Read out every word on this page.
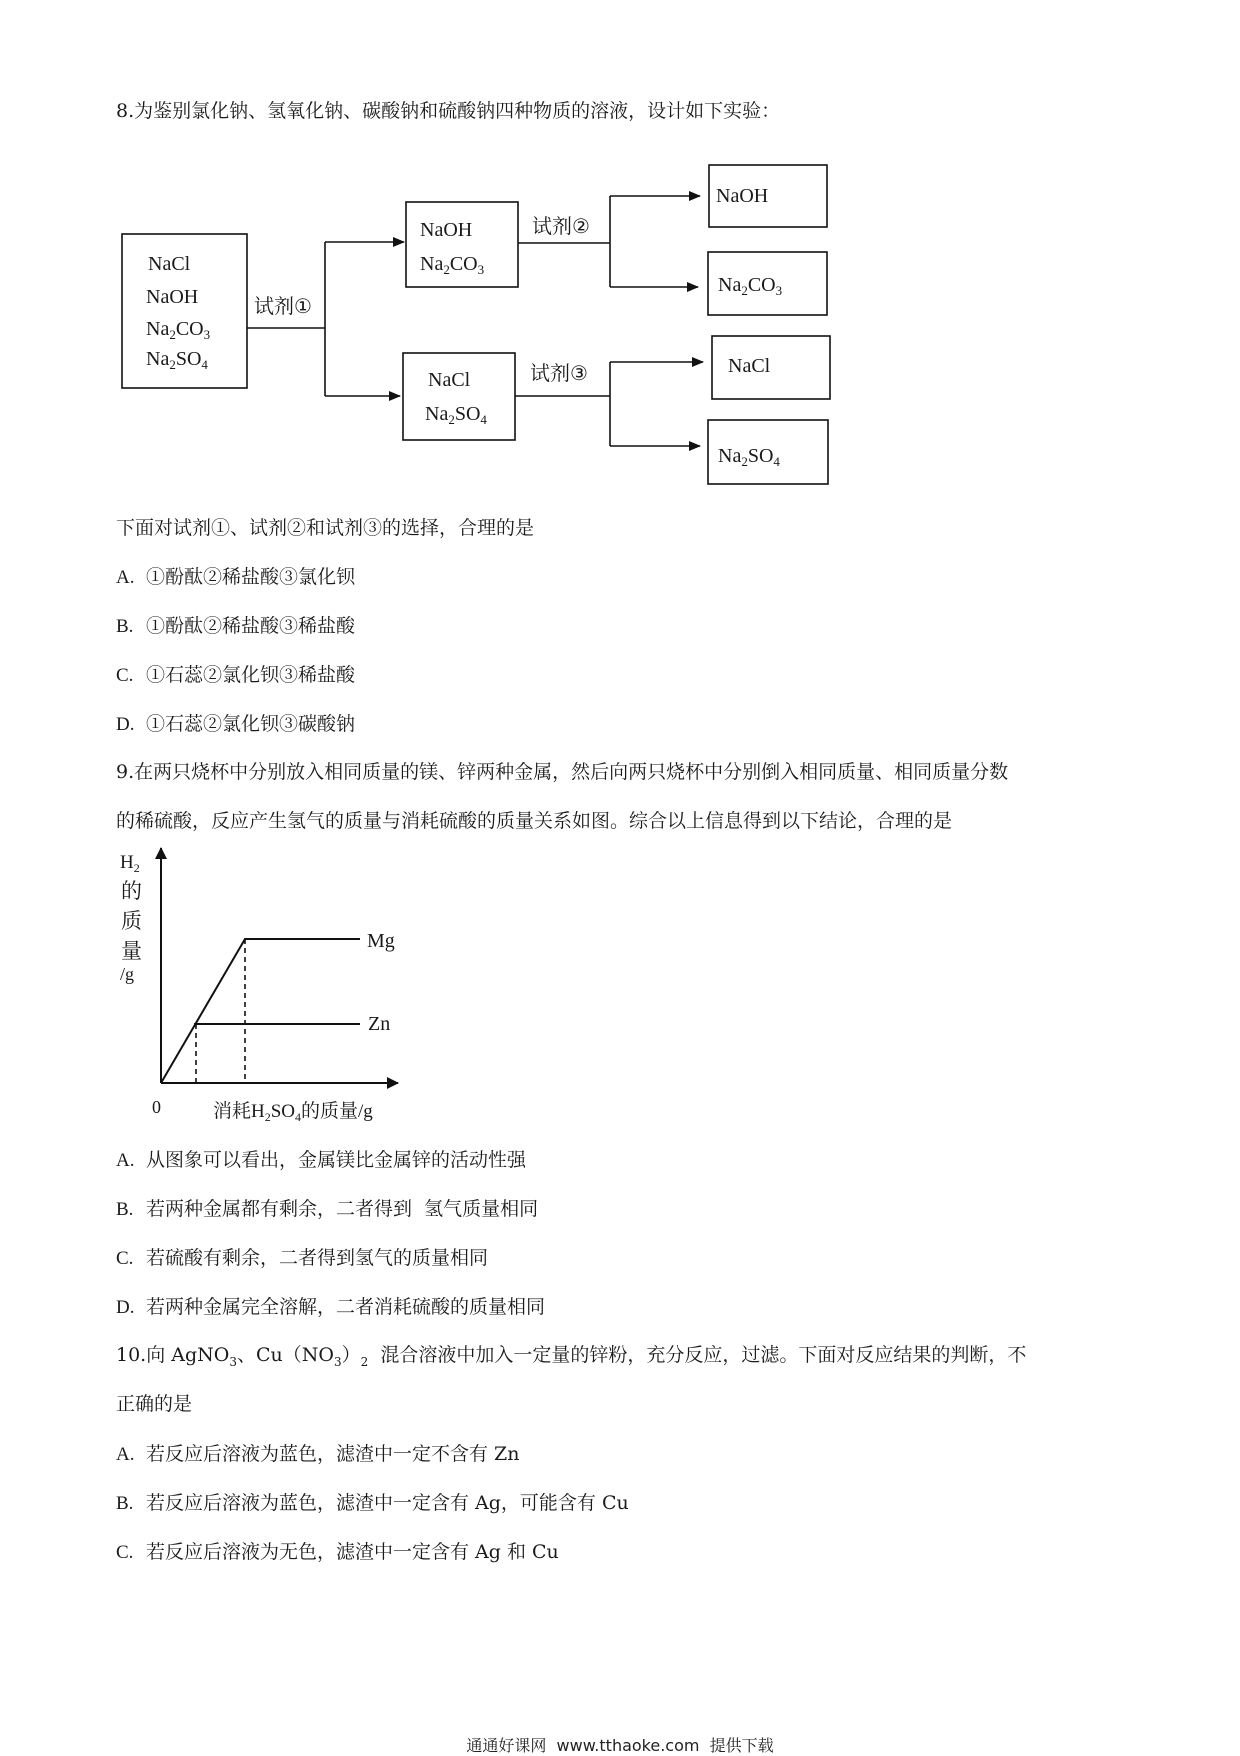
8.为鉴别氯化钠、氢氧化钠、碳酸钠和硫酸钠四种物质的溶液，设计如下实验：
NaCl
NaOH
$Na_2CO_3$
$Na_2SO_4$
试剂①
NaOH
$Na_2CO_3$
NaCl
$Na_2SO_4$
试剂②
试剂③
NaOH
$Na_2CO_3$
NaCl
$Na_2SO_4$
下面对试剂①、试剂②和试剂③的选择，合理的是
A. ①酚酞②稀盐酸③氯化钡
B. ①酚酞②稀盐酸③稀盐酸
C. ①石蕊②氯化钡③稀盐酸
D. ①石蕊②氯化钡③碳酸钠
9.在两只烧杯中分别放入相同质量的镁、锌两种金属，然后向两只烧杯中分别倒入相同质量、相同质量分数
的稀硫酸，反应产生氢气的质量与消耗硫酸的质量关系如图。综合以上信息得到以下结论，合理的是
$H_2$
的
质
量
/g
Mg
Zn
0	消耗$H_2SO_4$的质量/g
A. 从图象可以看出，金属镁比金属锌的活动性强
B. 若两种金属都有剩余，二者得到  氢气质量相同
C. 若硫酸有剩余，二者得到氢气的质量相同
D. 若两种金属完全溶解，二者消耗硫酸的质量相同
10.向 AgNO$_3$、$Cu(NO_3)_2$  混合溶液中加入一定量的锌粉，充分反应，过滤。下面对反应结果的判断，不
正确的是
A. 若反应后溶液为蓝色，滤渣中一定不含有 Zn
B. 若反应后溶液为蓝色，滤渣中一定含有 Ag，可能含有 Cu
C. 若反应后溶液为无色，滤渣中一定含有 Ag 和 Cu
通通好课网  www.tthaoke.com  提供下载
